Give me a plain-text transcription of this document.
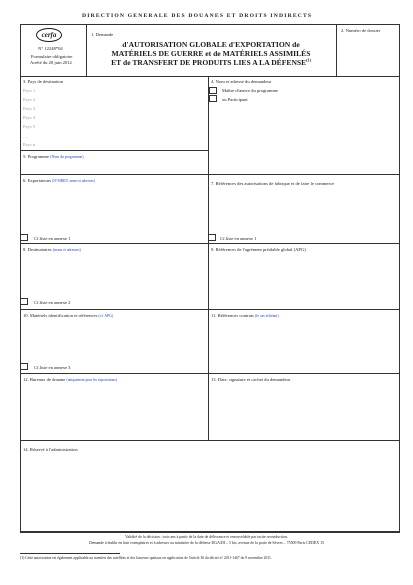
DIRECTION GENERALE DES DOUANES ET DROITS INDIRECTS
cerfa
N° 12248*04
Formulaire obligatoire
Arrêté du 20 juin 2012
1. Demande
d'AUTORISATION GLOBALE d'EXPORTATION de
MATÉRIELS DE GUERRE et de MATÉRIELS ASSIMILÉS
ET de TRANSFERT DE PRODUITS LIES A LA DÉFENSE$^{(1)}$
2. Numéro de dossier
3. Pays de destination
Pays 1
Pays 2
Pays 3
Pays 4
Pays 5
….
Pays n
4. Nom et adresse du demandeur
Maître d'œuvre du programme
ou Participant
5. Programme (Nom du programme)
6. Exportateurs (N°SIREN, noms et adresses)
Cf.liste en annexe 1
7. Références des autorisations de fabrique et de faire le commerce
Cf.liste en annexe 1
8. Destinataires (noms et adresses)
Cf.liste en annexe 2
9. Références de l'agrément préalable global (APG)
10. Matériels identification et références (cf. APG)
Cf.liste en annexe 3
11. Références contrats (le cas échéant)
12. Bureaux de douane (uniquement pour les exportations)	13. Date, signature et cachet du demandeur
14. Réservé à l'administration
Validité de la décision : trois ans à partir de la date de délivrance et renouvelable par tacite reconduction.
Demande à établir en huit exemplaires et à adresser au ministère de la défense DGA/DI – 5 bis, avenue de la porte de Sèvres – 75509 Paris CEDEX 15
(1) Cette autorisation est également applicable au transfert des satellites et des lanceurs spatiaux en application de l'article 30 du décret n° 2011-1467 du 9 novembre 2011.
